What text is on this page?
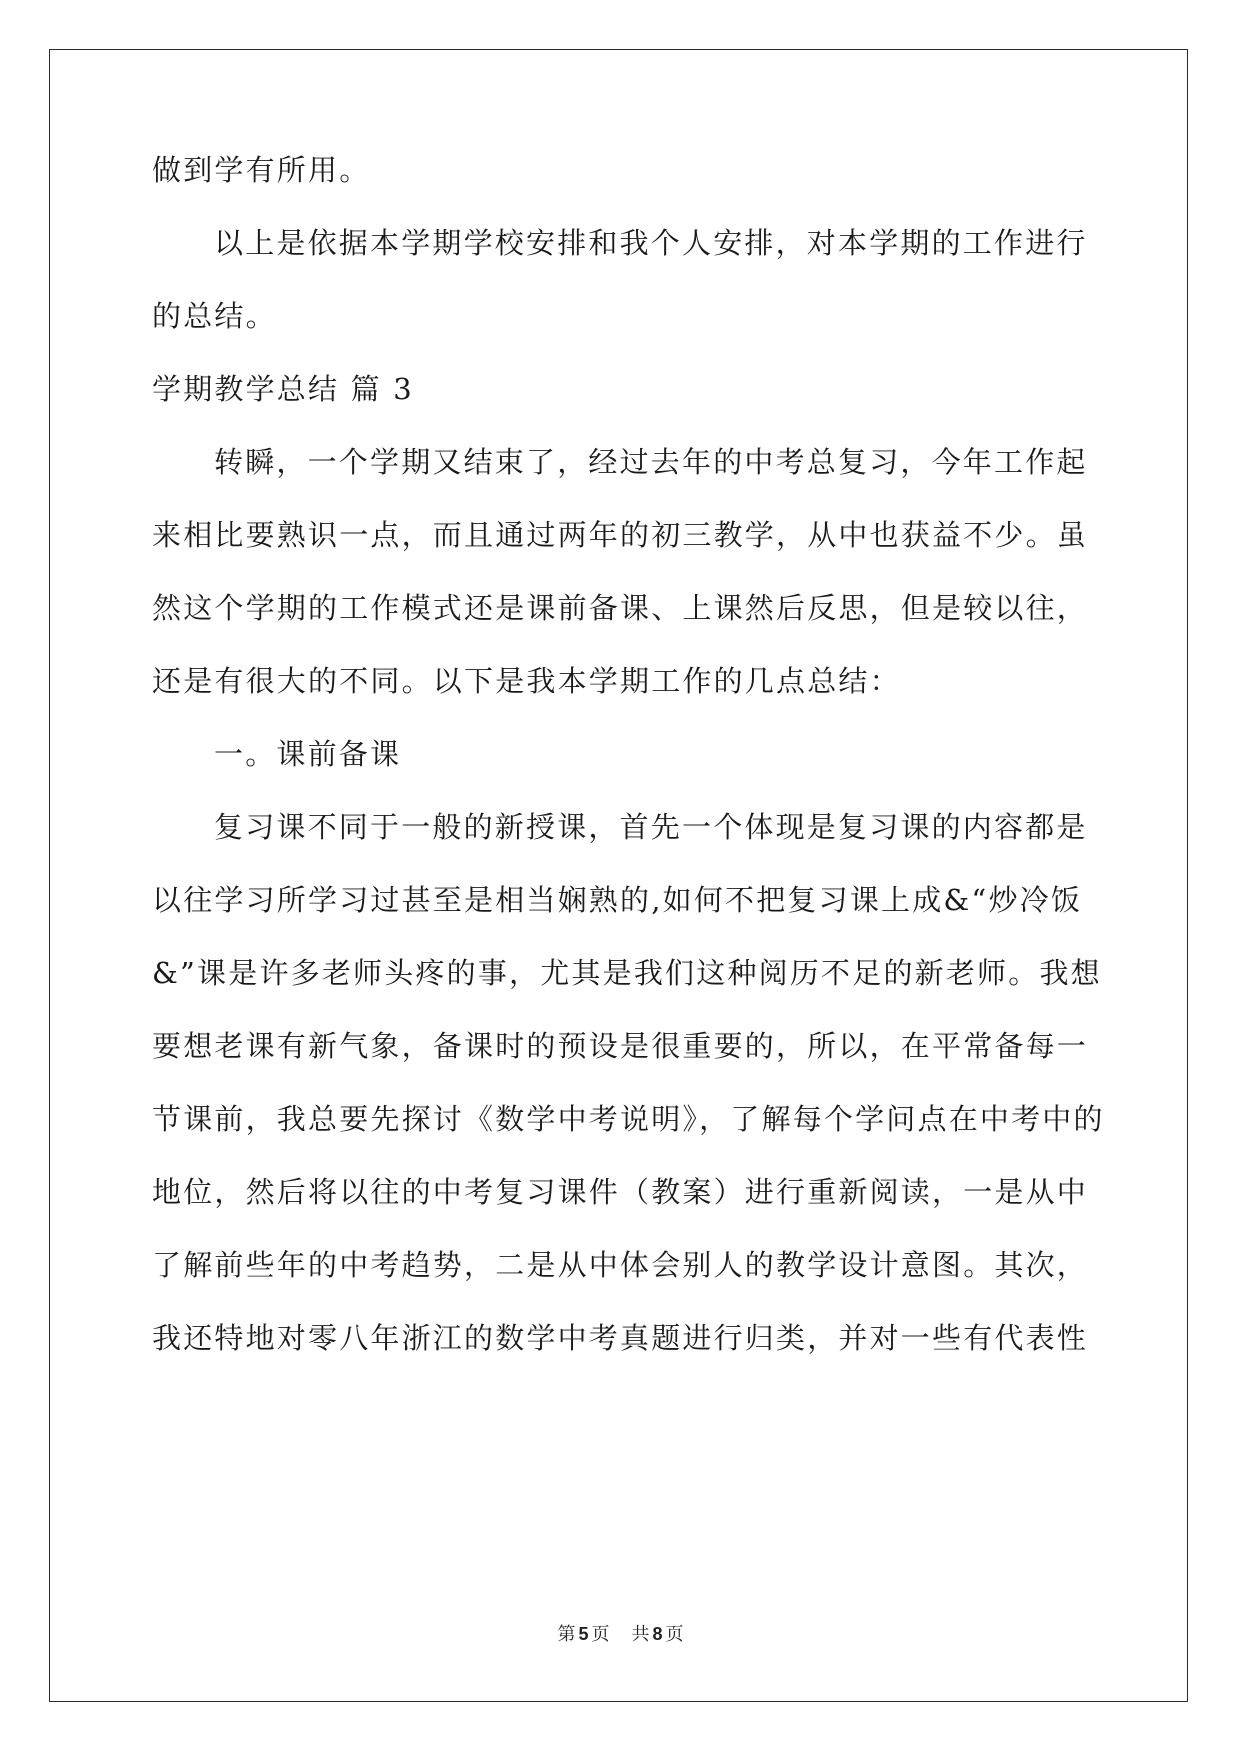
做到学有所用。
以上是依据本学期学校安排和我个人安排，对本学期的工作进行
的总结。
学期教学总结 篇 3
转瞬，一个学期又结束了，经过去年的中考总复习，今年工作起
来相比要熟识一点，而且通过两年的初三教学，从中也获益不少。虽
然这个学期的工作模式还是课前备课、上课然后反思，但是较以往，
还是有很大的不同。以下是我本学期工作的几点总结：
一。课前备课
复习课不同于一般的新授课，首先一个体现是复习课的内容都是
以往学习所学习过甚至是相当娴熟的,如何不把复习课上成&“炒冷饭
&”课是许多老师头疼的事，尤其是我们这种阅历不足的新老师。我想
要想老课有新气象，备课时的预设是很重要的，所以，在平常备每一
节课前，我总要先探讨《数学中考说明》，了解每个学问点在中考中的
地位，然后将以往的中考复习课件（教案）进行重新阅读，一是从中
了解前些年的中考趋势，二是从中体会别人的教学设计意图。其次，
我还特地对零八年浙江的数学中考真题进行归类，并对一些有代表性
第 5 页 共 8 页
